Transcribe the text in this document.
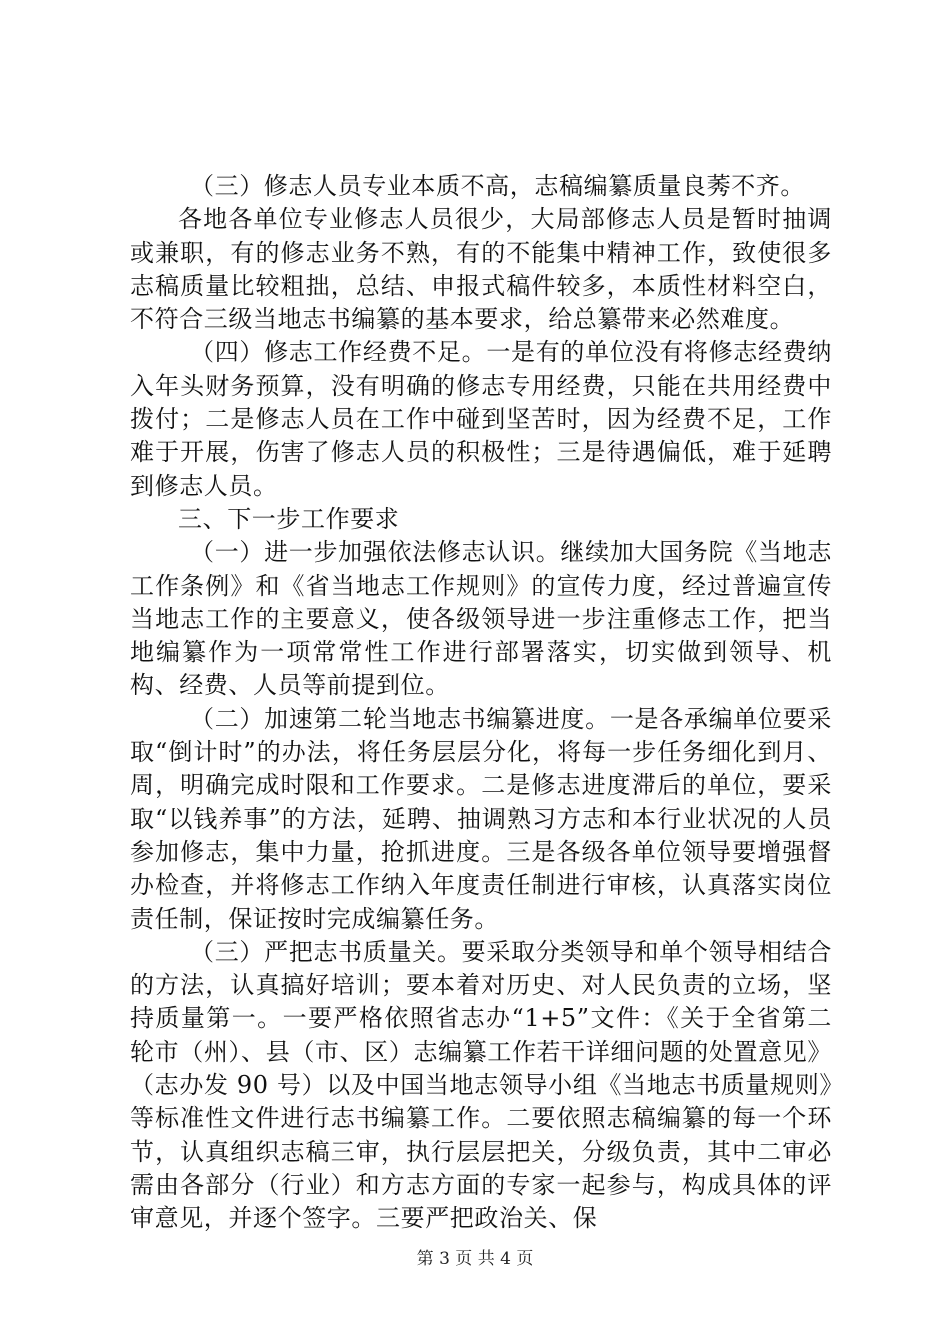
（三）修志人员专业本质不高，志稿编纂质量良莠不齐。

各地各单位专业修志人员很少，大局部修志人员是暂时抽调或兼职，有的修志业务不熟，有的不能集中精神工作，致使很多志稿质量比较粗拙，总结、申报式稿件较多，本质性材料空白，不符合三级当地志书编纂的基本要求，给总纂带来必然难度。

（四）修志工作经费不足。一是有的单位没有将修志经费纳入年头财务预算，没有明确的修志专用经费，只能在共用经费中拨付；二是修志人员在工作中碰到坚苦时，因为经费不足，工作难于开展，伤害了修志人员的积极性；三是待遇偏低，难于延聘到修志人员。

三、下一步工作要求

（一）进一步加强依法修志认识。继续加大国务院《当地志工作条例》和《省当地志工作规则》的宣传力度，经过普遍宣传当地志工作的主要意义，使各级领导进一步注重修志工作，把当地编纂作为一项常常性工作进行部署落实，切实做到领导、机构、经费、人员等前提到位。

（二）加速第二轮当地志书编纂进度。一是各承编单位要采取“倒计时”的办法，将任务层层分化，将每一步任务细化到月、周，明确完成时限和工作要求。二是修志进度滞后的单位，要采取“以钱养事”的方法，延聘、抽调熟习方志和本行业状况的人员参加修志，集中力量，抢抓进度。三是各级各单位领导要增强督办检查，并将修志工作纳入年度责任制进行审核，认真落实岗位责任制，保证按时完成编纂任务。

（三）严把志书质量关。要采取分类领导和单个领导相结合的方法，认真搞好培训；要本着对历史、对人民负责的立场，坚持质量第一。一要严格依照省志办“1+5”文件：《关于全省第二轮市（州）、县（市、区）志编纂工作若干详细问题的处置意见》（志办发 90 号）以及中国当地志领导小组《当地志书质量规则》等标准性文件进行志书编纂工作。二要依照志稿编纂的每一个环节，认真组织志稿三审，执行层层把关，分级负责，其中二审必需由各部分（行业）和方志方面的专家一起参与，构成具体的评审意见，并逐个签字。三要严把政治关、保

第 3 页 共 4 页
